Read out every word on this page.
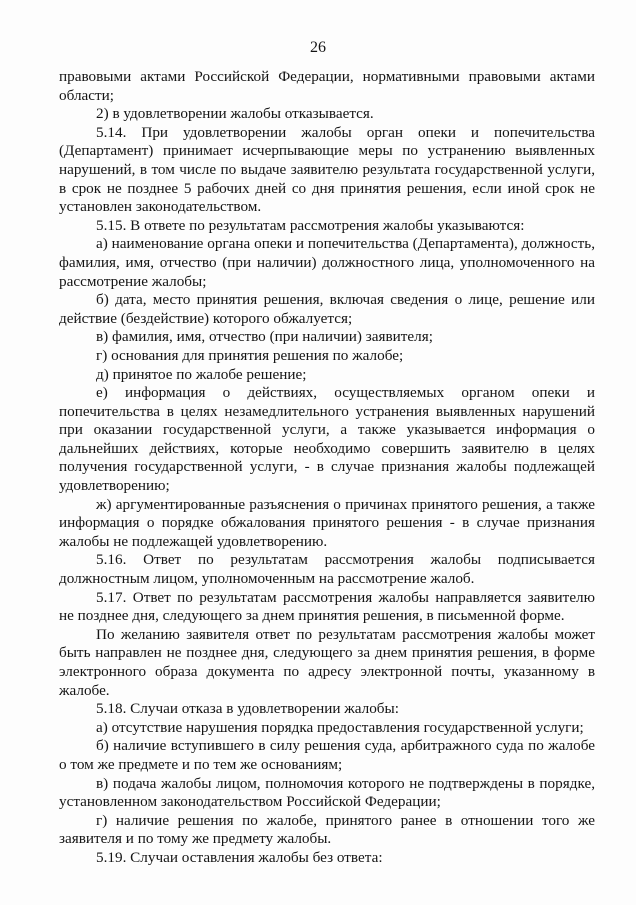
26

правовыми актами Российской Федерации, нормативными правовыми актами области;

2) в удовлетворении жалобы отказывается.

5.14. При удовлетворении жалобы орган опеки и попечительства (Департамент) принимает исчерпывающие меры по устранению выявленных нарушений, в том числе по выдаче заявителю результата государственной услуги, в срок не позднее 5 рабочих дней со дня принятия решения, если иной срок не установлен законодательством.

5.15. В ответе по результатам рассмотрения жалобы указываются:

а) наименование органа опеки и попечительства (Департамента), должность, фамилия, имя, отчество (при наличии) должностного лица, уполномоченного на рассмотрение жалобы;

б) дата, место принятия решения, включая сведения о лице, решение или действие (бездействие) которого обжалуется;

в) фамилия, имя, отчество (при наличии) заявителя;

г) основания для принятия решения по жалобе;

д) принятое по жалобе решение;

е) информация о действиях, осуществляемых органом опеки и попечительства в целях незамедлительного устранения выявленных нарушений при оказании государственной услуги, а также указывается информация о дальнейших действиях, которые необходимо совершить заявителю в целях получения государственной услуги, - в случае признания жалобы подлежащей удовлетворению;

ж) аргументированные разъяснения о причинах принятого решения, а также информация о порядке обжалования принятого решения - в случае признания жалобы не подлежащей удовлетворению.

5.16. Ответ по результатам рассмотрения жалобы подписывается должностным лицом, уполномоченным на рассмотрение жалоб.

5.17. Ответ по результатам рассмотрения жалобы направляется заявителю не позднее дня, следующего за днем принятия решения, в письменной форме.

По желанию заявителя ответ по результатам рассмотрения жалобы может быть направлен не позднее дня, следующего за днем принятия решения, в форме электронного образа документа по адресу электронной почты, указанному в жалобе.

5.18. Случаи отказа в удовлетворении жалобы:

а) отсутствие нарушения порядка предоставления государственной услуги;

б) наличие вступившего в силу решения суда, арбитражного суда по жалобе о том же предмете и по тем же основаниям;

в) подача жалобы лицом, полномочия которого не подтверждены в порядке, установленном законодательством Российской Федерации;

г) наличие решения по жалобе, принятого ранее в отношении того же заявителя и по тому же предмету жалобы.

5.19. Случаи оставления жалобы без ответа:
